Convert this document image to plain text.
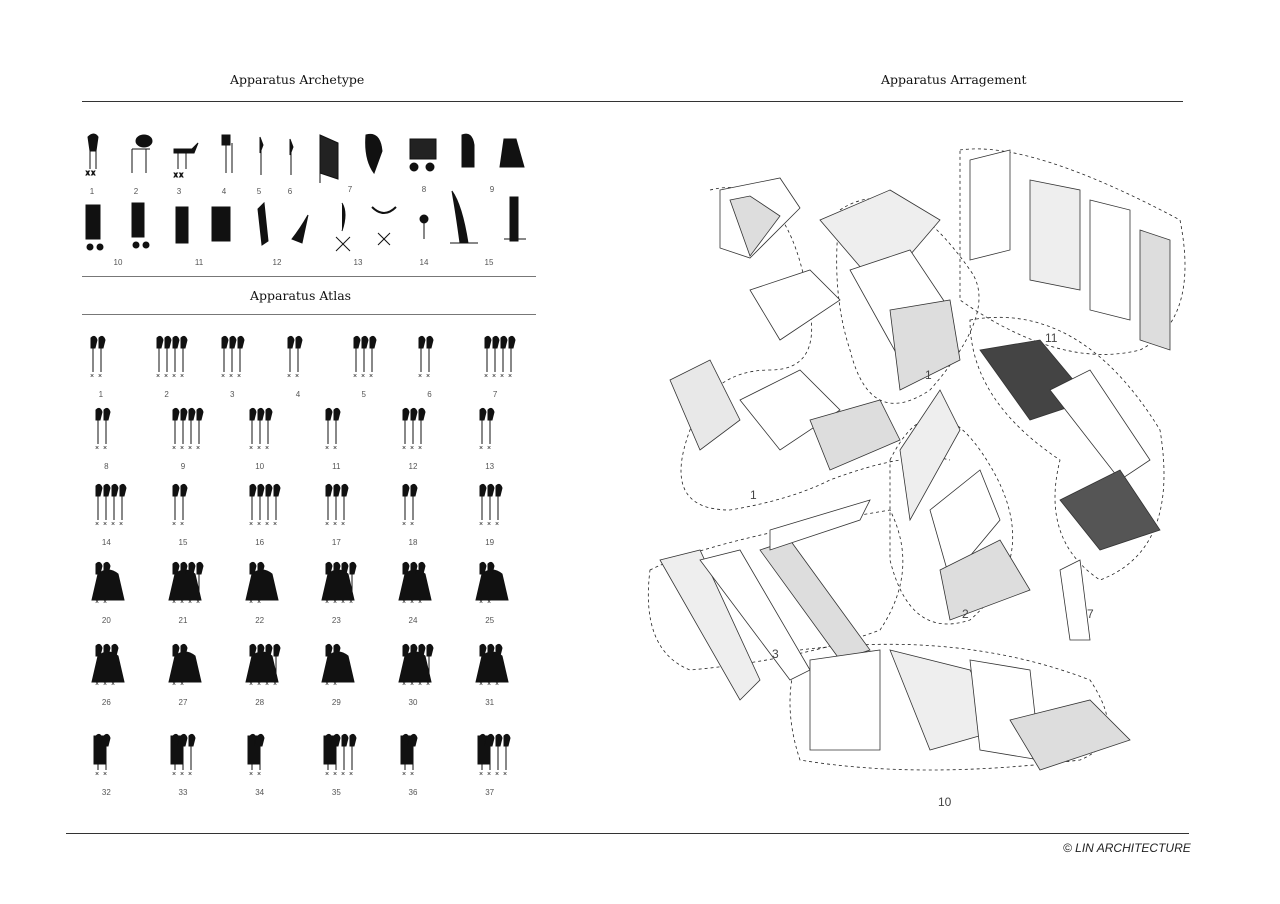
Apparatus Archetype	Apparatus Arragement
x x	x x
1	2	3	4	5	6	7	8	9
10	11	12	13	14	15
Apparatus Atlas
× ×
1
× × × ×
2
× × ×
3
× ×
4
× × ×
5
× ×
6
× × × ×
7
× ×
8
× × × ×
9
× × ×
10
× ×
11
× × ×
12
× ×
13
× × × ×
14
× ×
15
× × × ×
16
× × ×
17
× ×
18
× × ×
19
× ×
20
× × × ×
21
× ×
22
× × × ×
23
× × ×
24
× ×
25
× × ×
26
× ×
27
× × × ×
28
× ×
29
× × × ×
30
× × ×
31
× ×
32
× × ×
33
× ×
34
× × × ×
35
× ×
36
× × × ×
37
1
1
11
3
2	7
10
© LIN ARCHITECTURE
